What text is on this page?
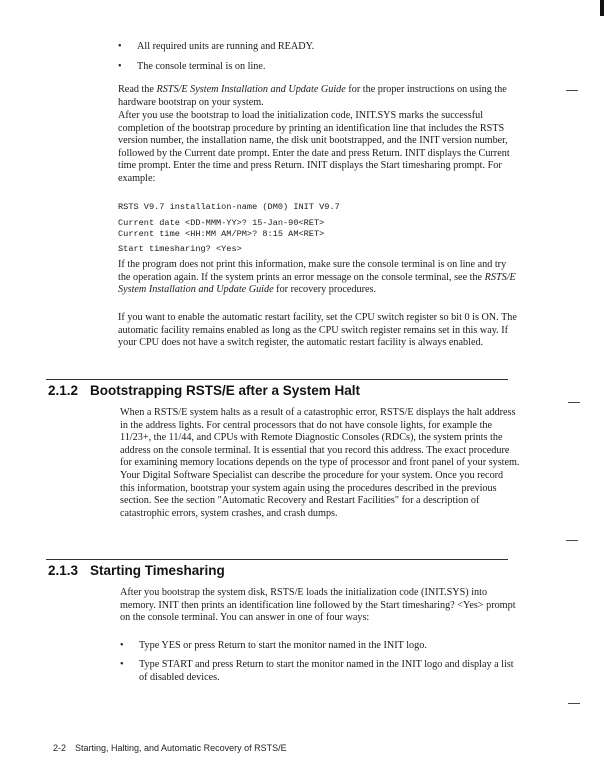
•	All required units are running and READY.
•	The console terminal is on line.
Read the RSTS/E System Installation and Update Guide for the proper instructions on using the hardware bootstrap on your system.
After you use the bootstrap to load the initialization code, INIT.SYS marks the successful completion of the bootstrap procedure by printing an identification line that includes the RSTS version number, the installation name, the disk unit bootstrapped, and the INIT version number, followed by the Current date prompt. Enter the date and press Return. INIT displays the Current time prompt. Enter the time and press Return. INIT displays the Start timesharing prompt. For example:
RSTS V9.7 installation-name (DM0) INIT V9.7
Current date <DD-MMM-YY>? 15-Jan-90<RET>
Current time <HH:MM AM/PM>? 8:15 AM<RET>
Start timesharing? <Yes>
If the program does not print this information, make sure the console terminal is on line and try the operation again. If the system prints an error message on the console terminal, see the RSTS/E System Installation and Update Guide for recovery procedures.
If you want to enable the automatic restart facility, set the CPU switch register so bit 0 is ON. The automatic facility remains enabled as long as the CPU switch register remains set in this way. If your CPU does not have a switch register, the automatic restart facility is always enabled.
2.1.2 Bootstrapping RSTS/E after a System Halt
When a RSTS/E system halts as a result of a catastrophic error, RSTS/E displays the halt address in the address lights. For central processors that do not have console lights, for example the 11/23+, the 11/44, and CPUs with Remote Diagnostic Consoles (RDCs), the system prints the address on the console terminal. It is essential that you record this address. The exact procedure for examining memory locations depends on the type of processor and front panel of your system. Your Digital Software Specialist can describe the procedure for your system. Once you record this information, bootstrap your system again using the procedures described in the previous section. See the section "Automatic Recovery and Restart Facilities" for a description of catastrophic errors, system crashes, and crash dumps.
2.1.3 Starting Timesharing
After you bootstrap the system disk, RSTS/E loads the initialization code (INIT.SYS) into memory. INIT then prints an identification line followed by the Start timesharing? <Yes> prompt on the console terminal. You can answer in one of four ways:
•	Type YES or press Return to start the monitor named in the INIT logo.
•	Type START and press Return to start the monitor named in the INIT logo and display a list of disabled devices.
2-2 Starting, Halting, and Automatic Recovery of RSTS/E
